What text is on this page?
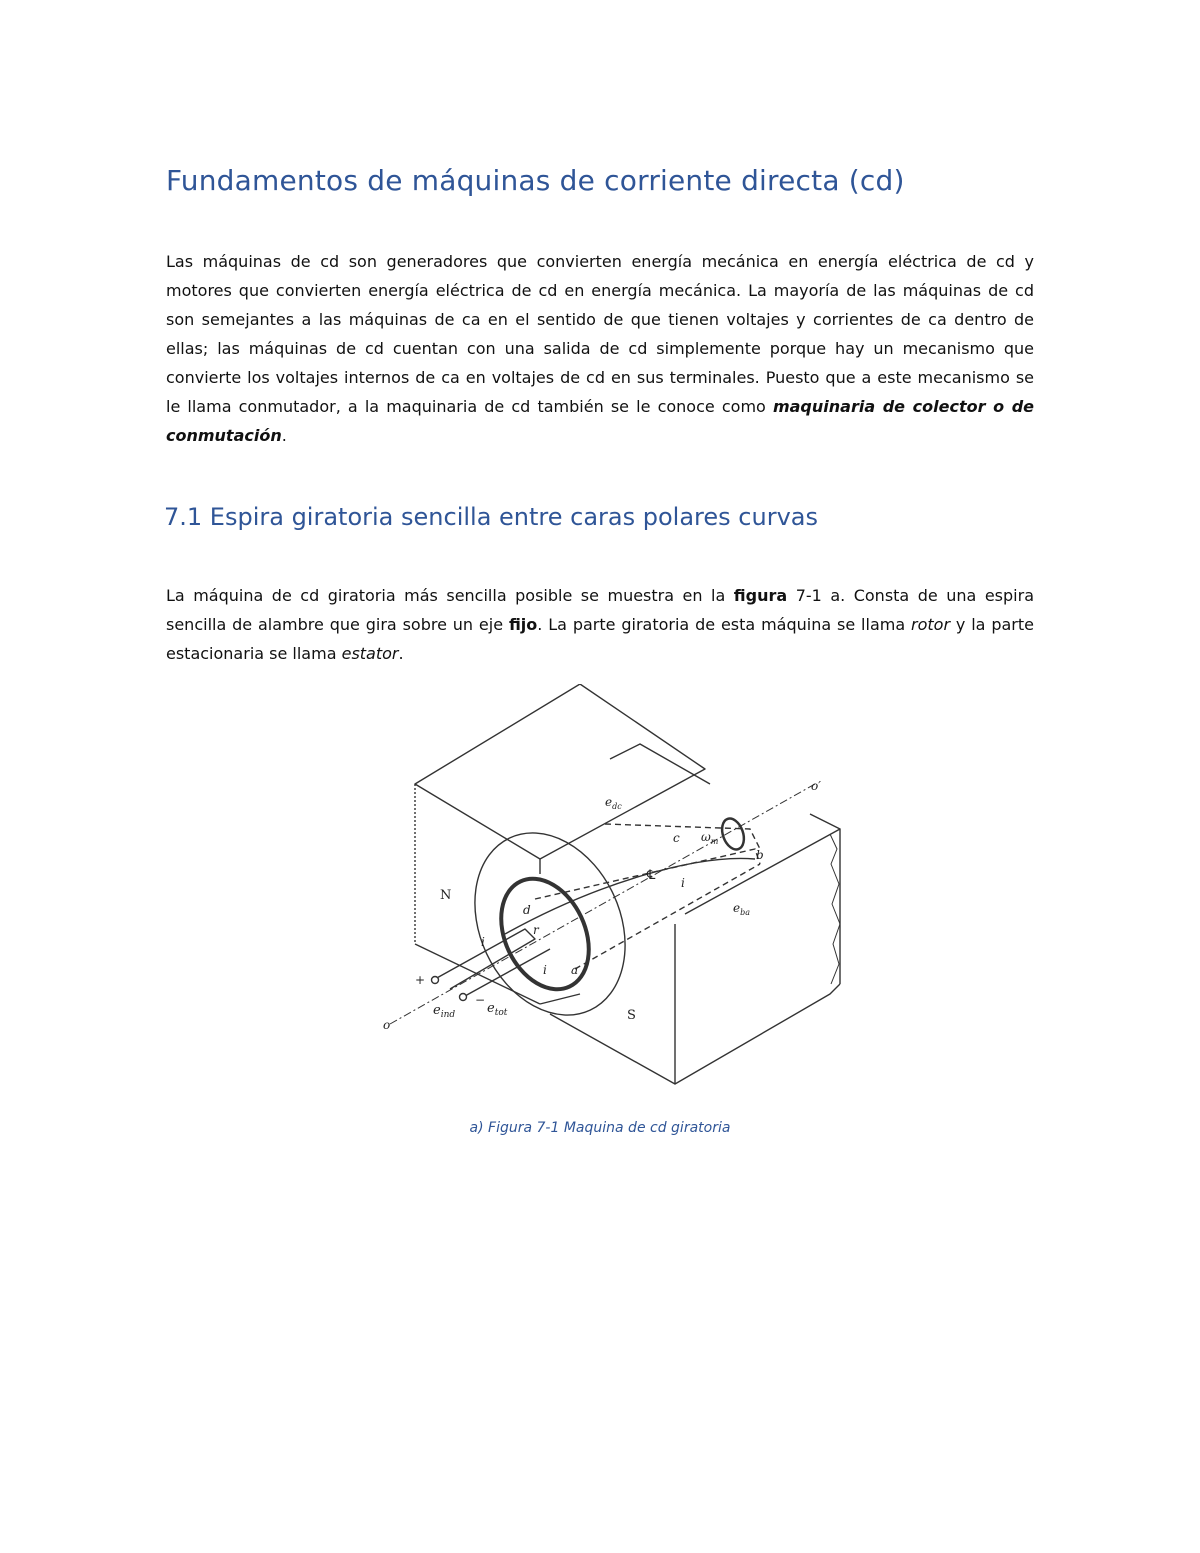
Fundamentos de máquinas de corriente directa (cd)

Las máquinas de cd son generadores que convierten energía mecánica en energía eléctrica de cd y motores que convierten energía eléctrica de cd en energía mecánica. La mayoría de las máquinas de cd son semejantes a las máquinas de ca en el sentido de que tienen voltajes y corrientes de ca dentro de ellas; las máquinas de cd cuentan con una salida de cd simplemente porque hay un mecanismo que convierte los voltajes internos de ca en voltajes de cd en sus terminales. Puesto que a este mecanismo se le llama conmutador, a la maquinaria de cd también se le conoce como maquinaria de colector o de conmutación.

7.1 Espira giratoria sencilla entre caras polares curvas

La máquina de cd giratoria más sencilla posible se muestra en la figura 7-1 a. Consta de una espira sencilla de alambre que gira sobre un eje fijo. La parte giratoria de esta máquina se llama rotor y la parte estacionaria se llama estator.

N
S
o
o′
a
b
c
d
r
i
i
i
℄
$\omega_m$
$e_{dc}$
$e_{ba}$
$e_{ind}$ $e_{tot}$
+
−

a) Figura 7-1 Maquina de cd giratoria
